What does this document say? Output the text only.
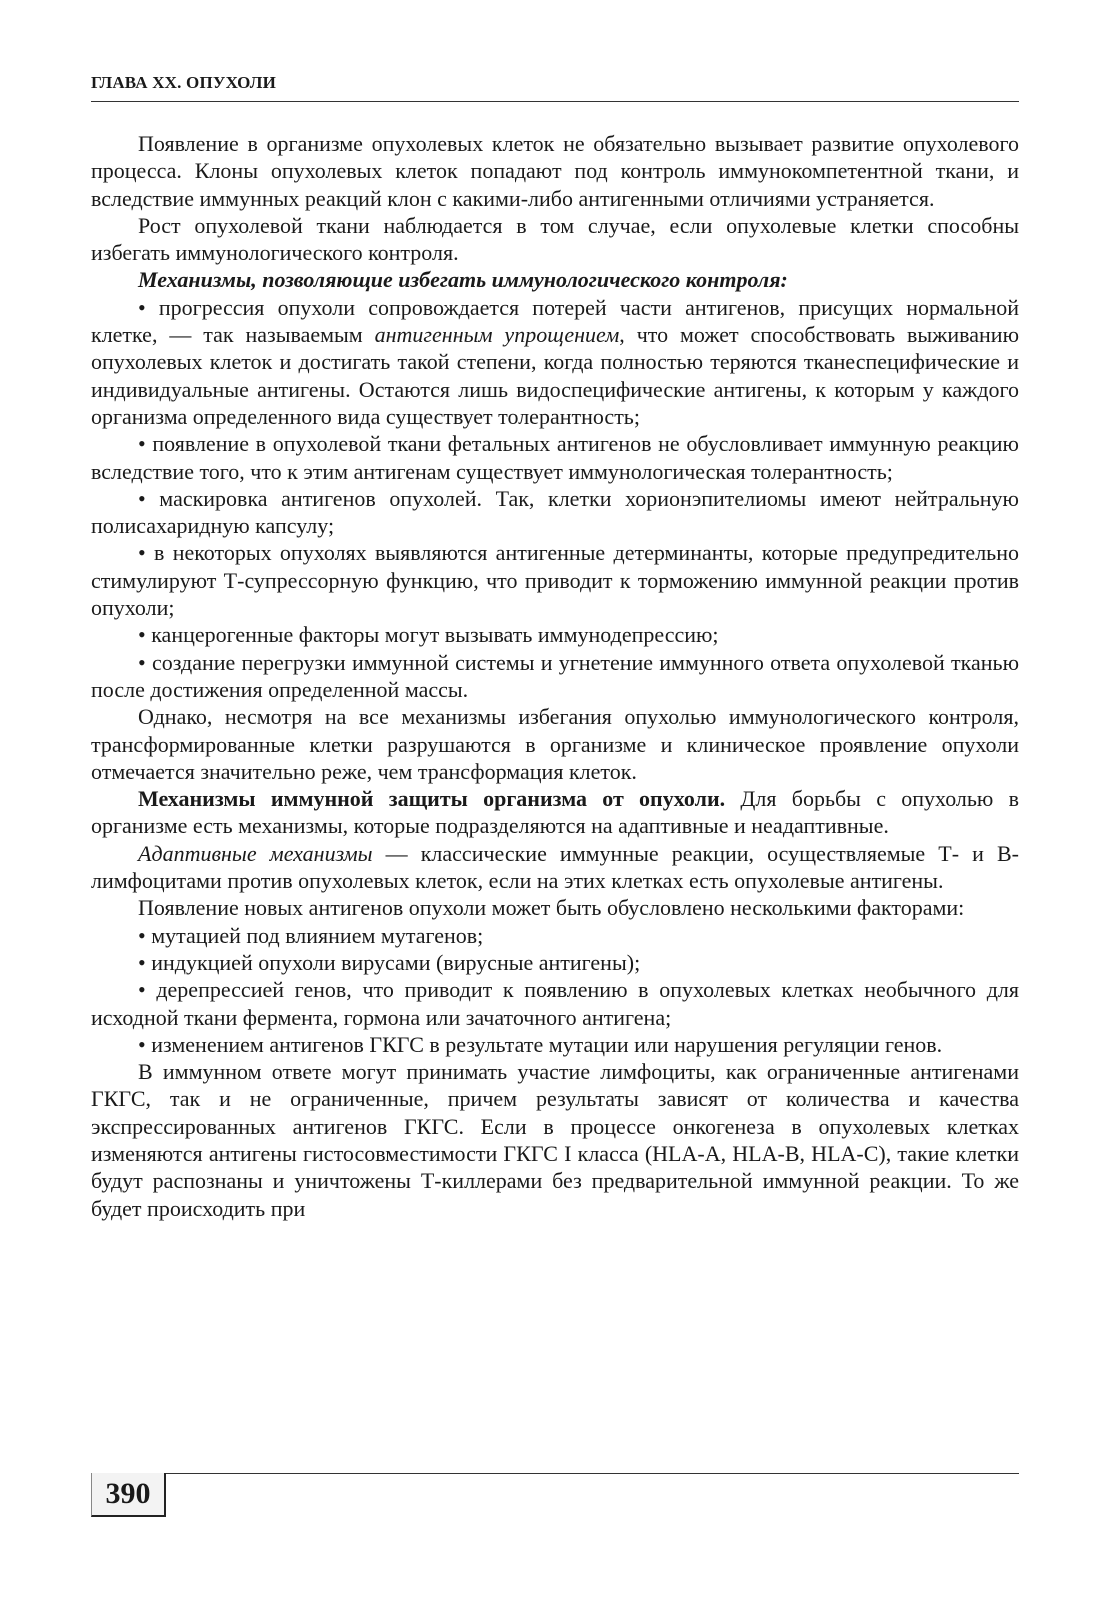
ГЛАВА XX. ОПУХОЛИ

Появление в организме опухолевых клеток не обязательно вызывает развитие опухолевого процесса. Клоны опухолевых клеток попадают под контроль иммунокомпетентной ткани, и вследствие иммунных реакций клон с какими-либо антигенными отличиями устраняется.

Рост опухолевой ткани наблюдается в том случае, если опухолевые клетки способны избегать иммунологического контроля.

Механизмы, позволяющие избегать иммунологического контроля:

• прогрессия опухоли сопровождается потерей части антигенов, присущих нормальной клетке, — так называемым антигенным упрощением, что может способствовать выживанию опухолевых клеток и достигать такой степени, когда полностью теряются тканеспецифические и индивидуальные антигены. Остаются лишь видоспецифические антигены, к которым у каждого организма определенного вида существует толерантность;

• появление в опухолевой ткани фетальных антигенов не обусловливает иммунную реакцию вследствие того, что к этим антигенам существует иммунологическая толерантность;

• маскировка антигенов опухолей. Так, клетки хорионэпителиомы имеют нейтральную полисахаридную капсулу;

• в некоторых опухолях выявляются антигенные детерминанты, которые предупредительно стимулируют Т-супрессорную функцию, что приводит к торможению иммунной реакции против опухоли;

• канцерогенные факторы могут вызывать иммунодепрессию;

• создание перегрузки иммунной системы и угнетение иммунного ответа опухолевой тканью после достижения определенной массы.

Однако, несмотря на все механизмы избегания опухолью иммунологического контроля, трансформированные клетки разрушаются в организме и клиническое проявление опухоли отмечается значительно реже, чем трансформация клеток.

Механизмы иммунной защиты организма от опухоли. Для борьбы с опухолью в организме есть механизмы, которые подразделяются на адаптивные и неадаптивные.

Адаптивные механизмы — классические иммунные реакции, осуществляемые Т- и В-лимфоцитами против опухолевых клеток, если на этих клетках есть опухолевые антигены.

Появление новых антигенов опухоли может быть обусловлено несколькими факторами:

• мутацией под влиянием мутагенов;

• индукцией опухоли вирусами (вирусные антигены);

• дерепрессией генов, что приводит к появлению в опухолевых клетках необычного для исходной ткани фермента, гормона или зачаточного антигена;

• изменением антигенов ГКГС в результате мутации или нарушения регуляции генов.

В иммунном ответе могут принимать участие лимфоциты, как ограниченные антигенами ГКГС, так и не ограниченные, причем результаты зависят от количества и качества экспрессированных антигенов ГКГС. Если в процессе онкогенеза в опухолевых клетках изменяются антигены гистосовместимости ГКГС I класса (HLA-A, HLA-B, HLA-C), такие клетки будут распознаны и уничтожены Т-киллерами без предварительной иммунной реакции. То же будет происходить при

390
